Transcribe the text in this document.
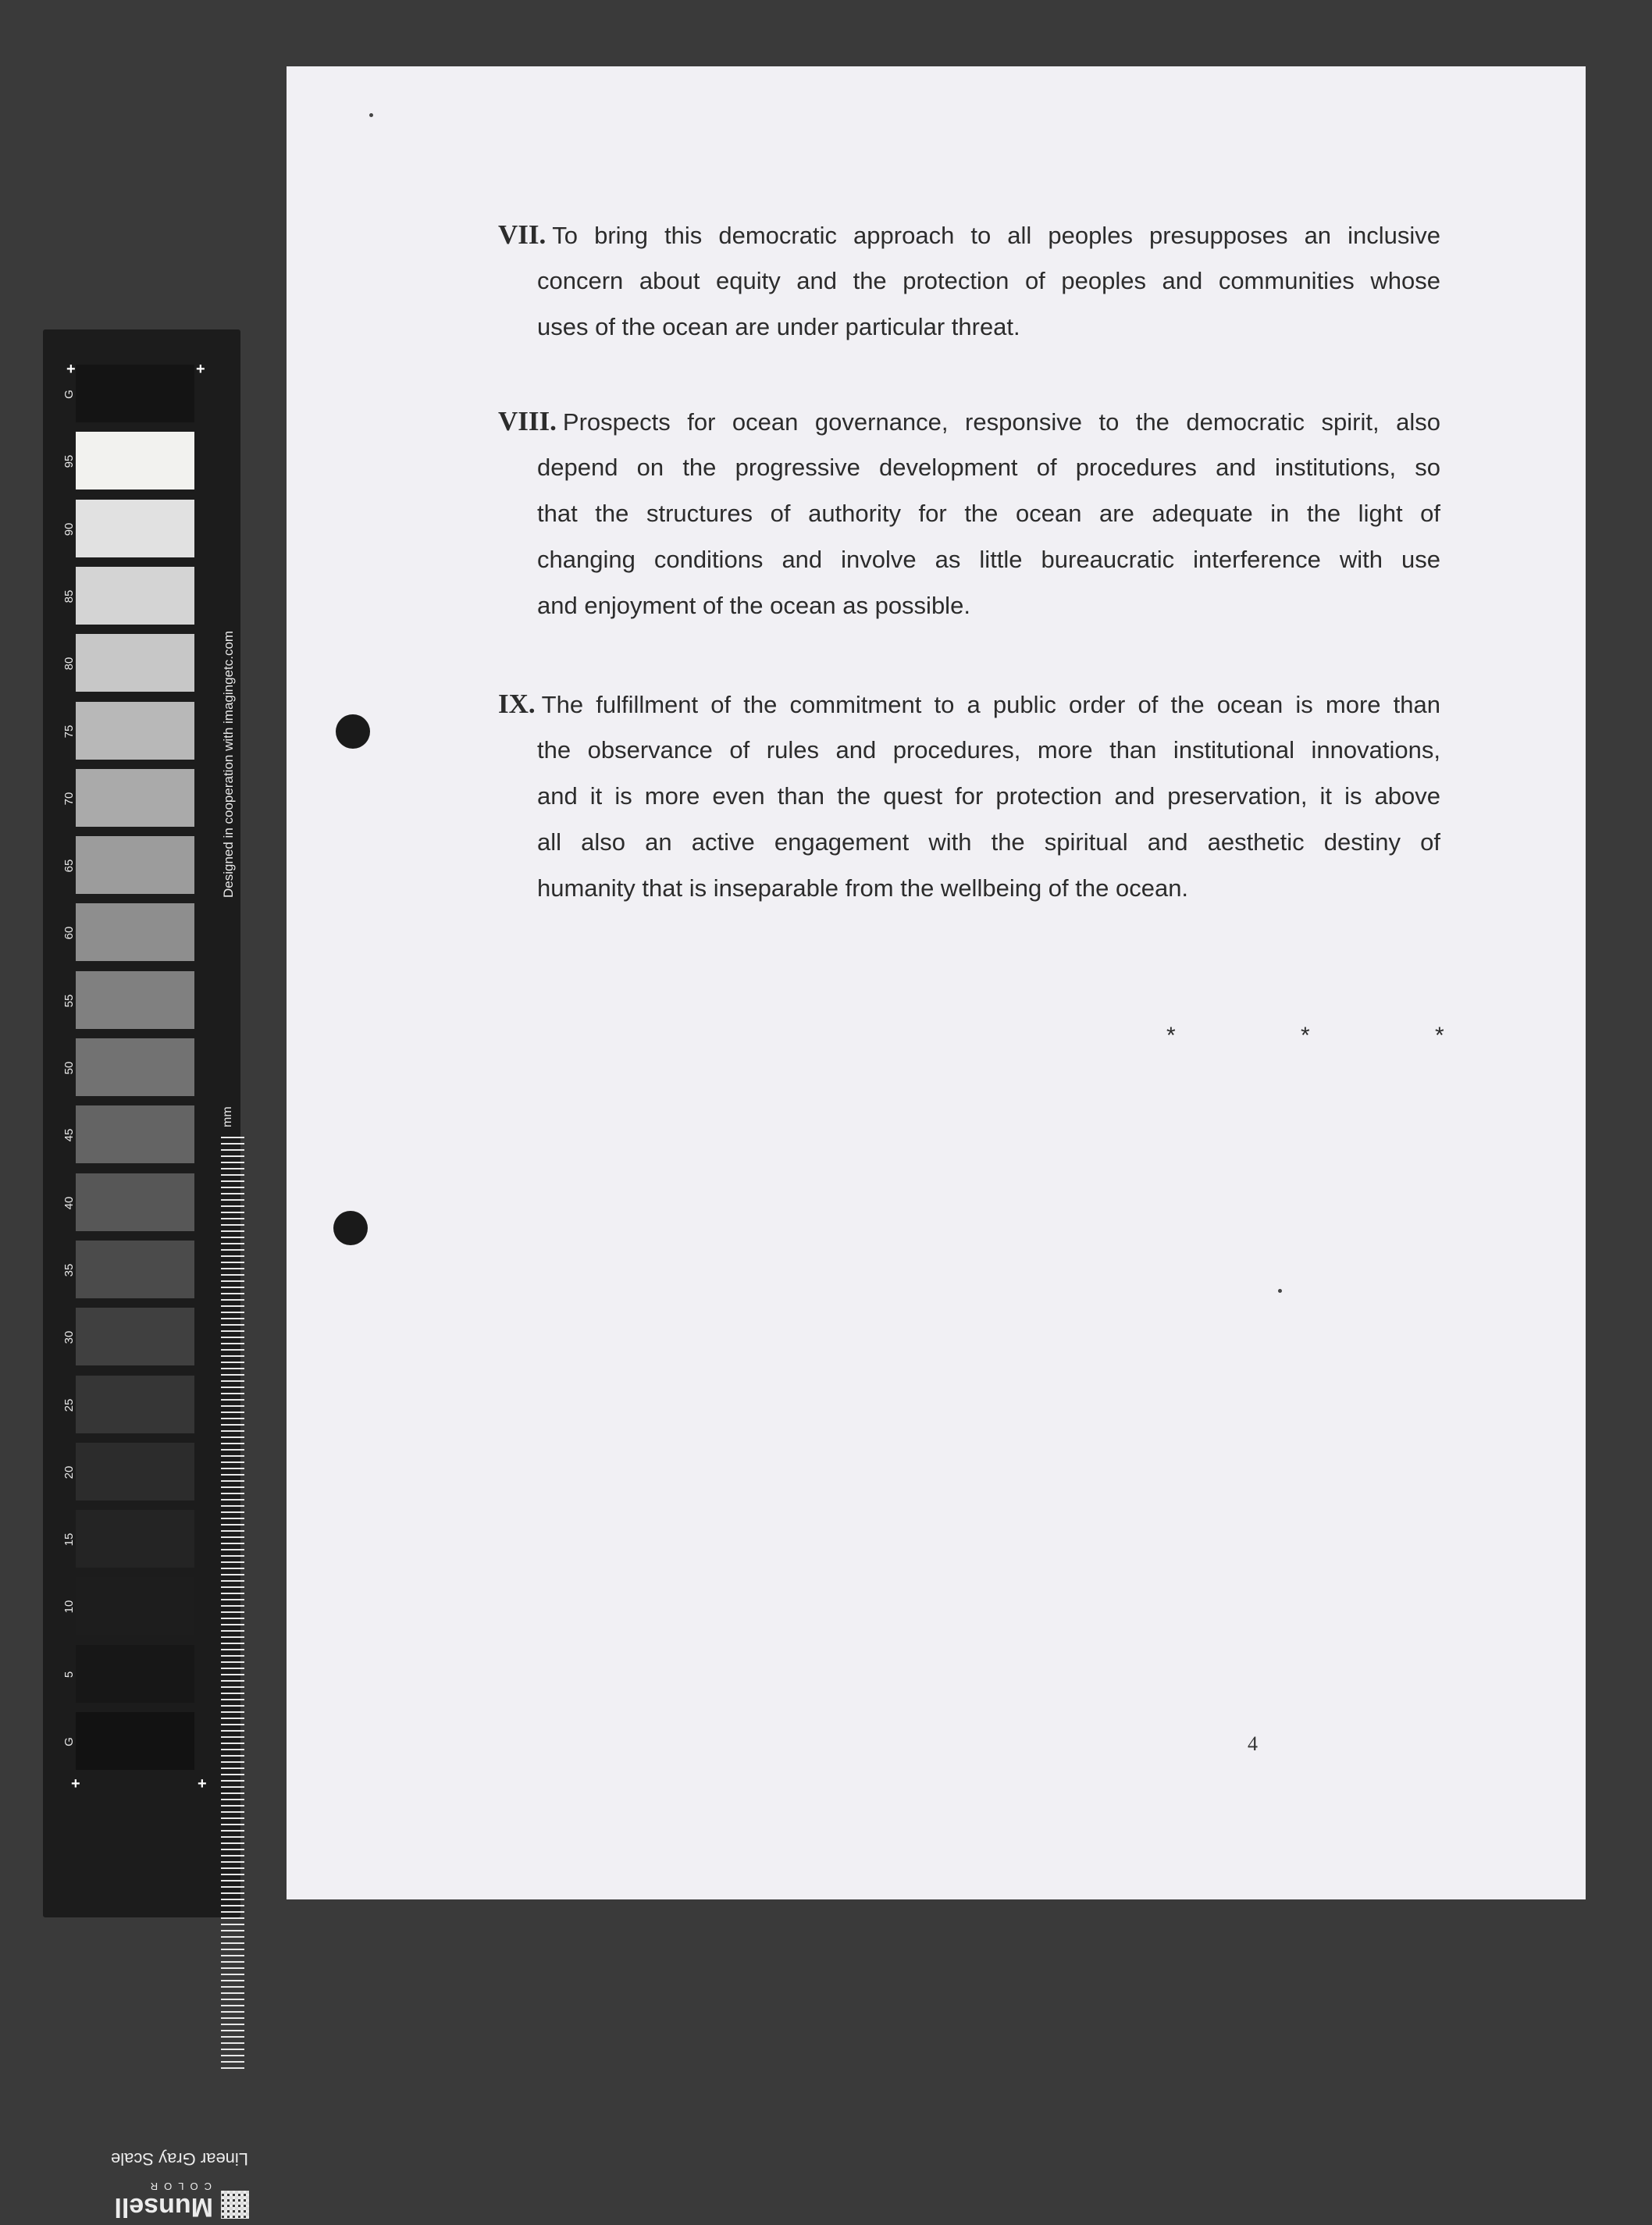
G
95
90
85
80
75
70
65
60
55
50
45
40
35
30
25
20
15
10
5
G
Designed in cooperation with imagingetc.com
mm
+	+
+	+
Linear Gray Scale
Munsell
COLOR
VII. To bring this democratic approach to all peoples presupposes an inclusive
concern about equity and the protection of peoples and communities whose
uses of the ocean are under particular threat.
VIII. Prospects for ocean governance, responsive to the democratic spirit, also
depend on the progressive development of procedures and institutions, so
that the structures of authority for the ocean are adequate in the light of
changing conditions and involve as little bureaucratic interference with use
and enjoyment of the ocean as possible.
IX. The fulfillment of the commitment to a public order of the ocean is more than
the observance of rules and procedures, more than institutional innovations,
and it is more even than the quest for protection and preservation, it is above
all also an active engagement with the spiritual and aesthetic destiny of
humanity that is inseparable from the wellbeing of the ocean.
* * *
4
